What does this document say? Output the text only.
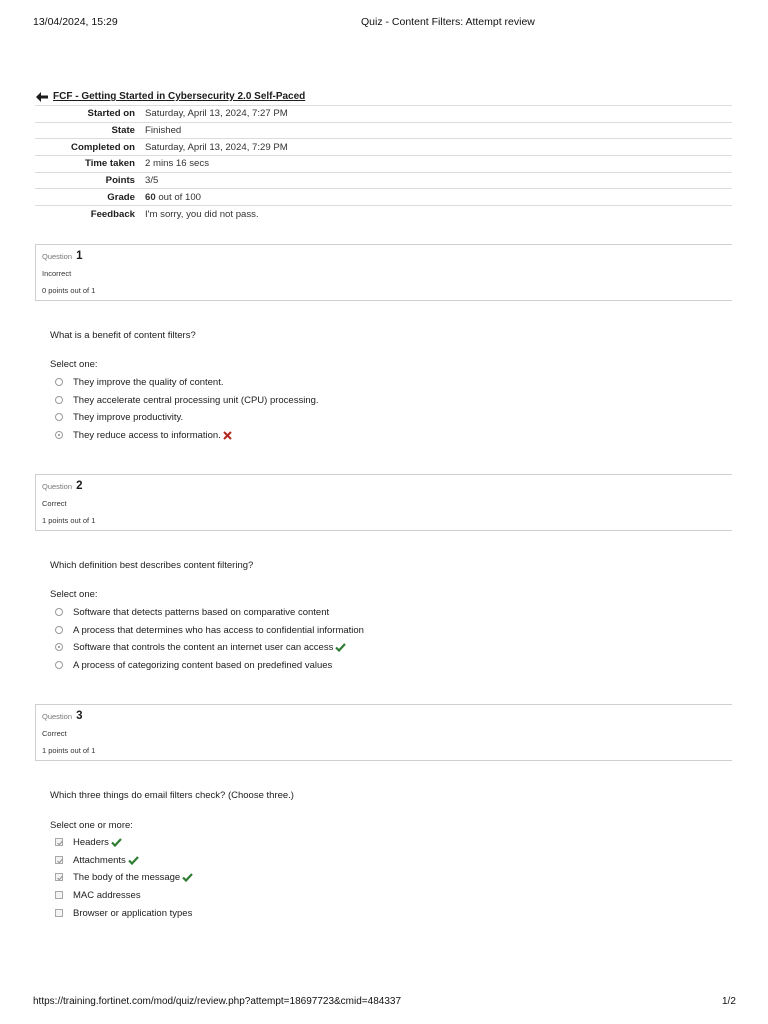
13/04/2024, 15:29	Quiz - Content Filters: Attempt review
FCF - Getting Started in Cybersecurity 2.0 Self-Paced
Started on	Saturday, April 13, 2024, 7:27 PM
State	Finished
Completed on	Saturday, April 13, 2024, 7:29 PM
Time taken	2 mins 16 secs
Points	3/5
Grade	60 out of 100
Feedback	I'm sorry, you did not pass.
Question 1
Incorrect
0 points out of 1
What is a benefit of content filters?
Select one:
They improve the quality of content.
They accelerate central processing unit (CPU) processing.
They improve productivity.
They reduce access to information.
Question 2
Correct
1 points out of 1
Which definition best describes content filtering?
Select one:
Software that detects patterns based on comparative content
A process that determines who has access to confidential information
Software that controls the content an internet user can access
A process of categorizing content based on predefined values
Question 3
Correct
1 points out of 1
Which three things do email filters check? (Choose three.)
Select one or more:
Headers
Attachments
The body of the message
MAC addresses
Browser or application types
https://training.fortinet.com/mod/quiz/review.php?attempt=18697723&cmid=484337	1/2
